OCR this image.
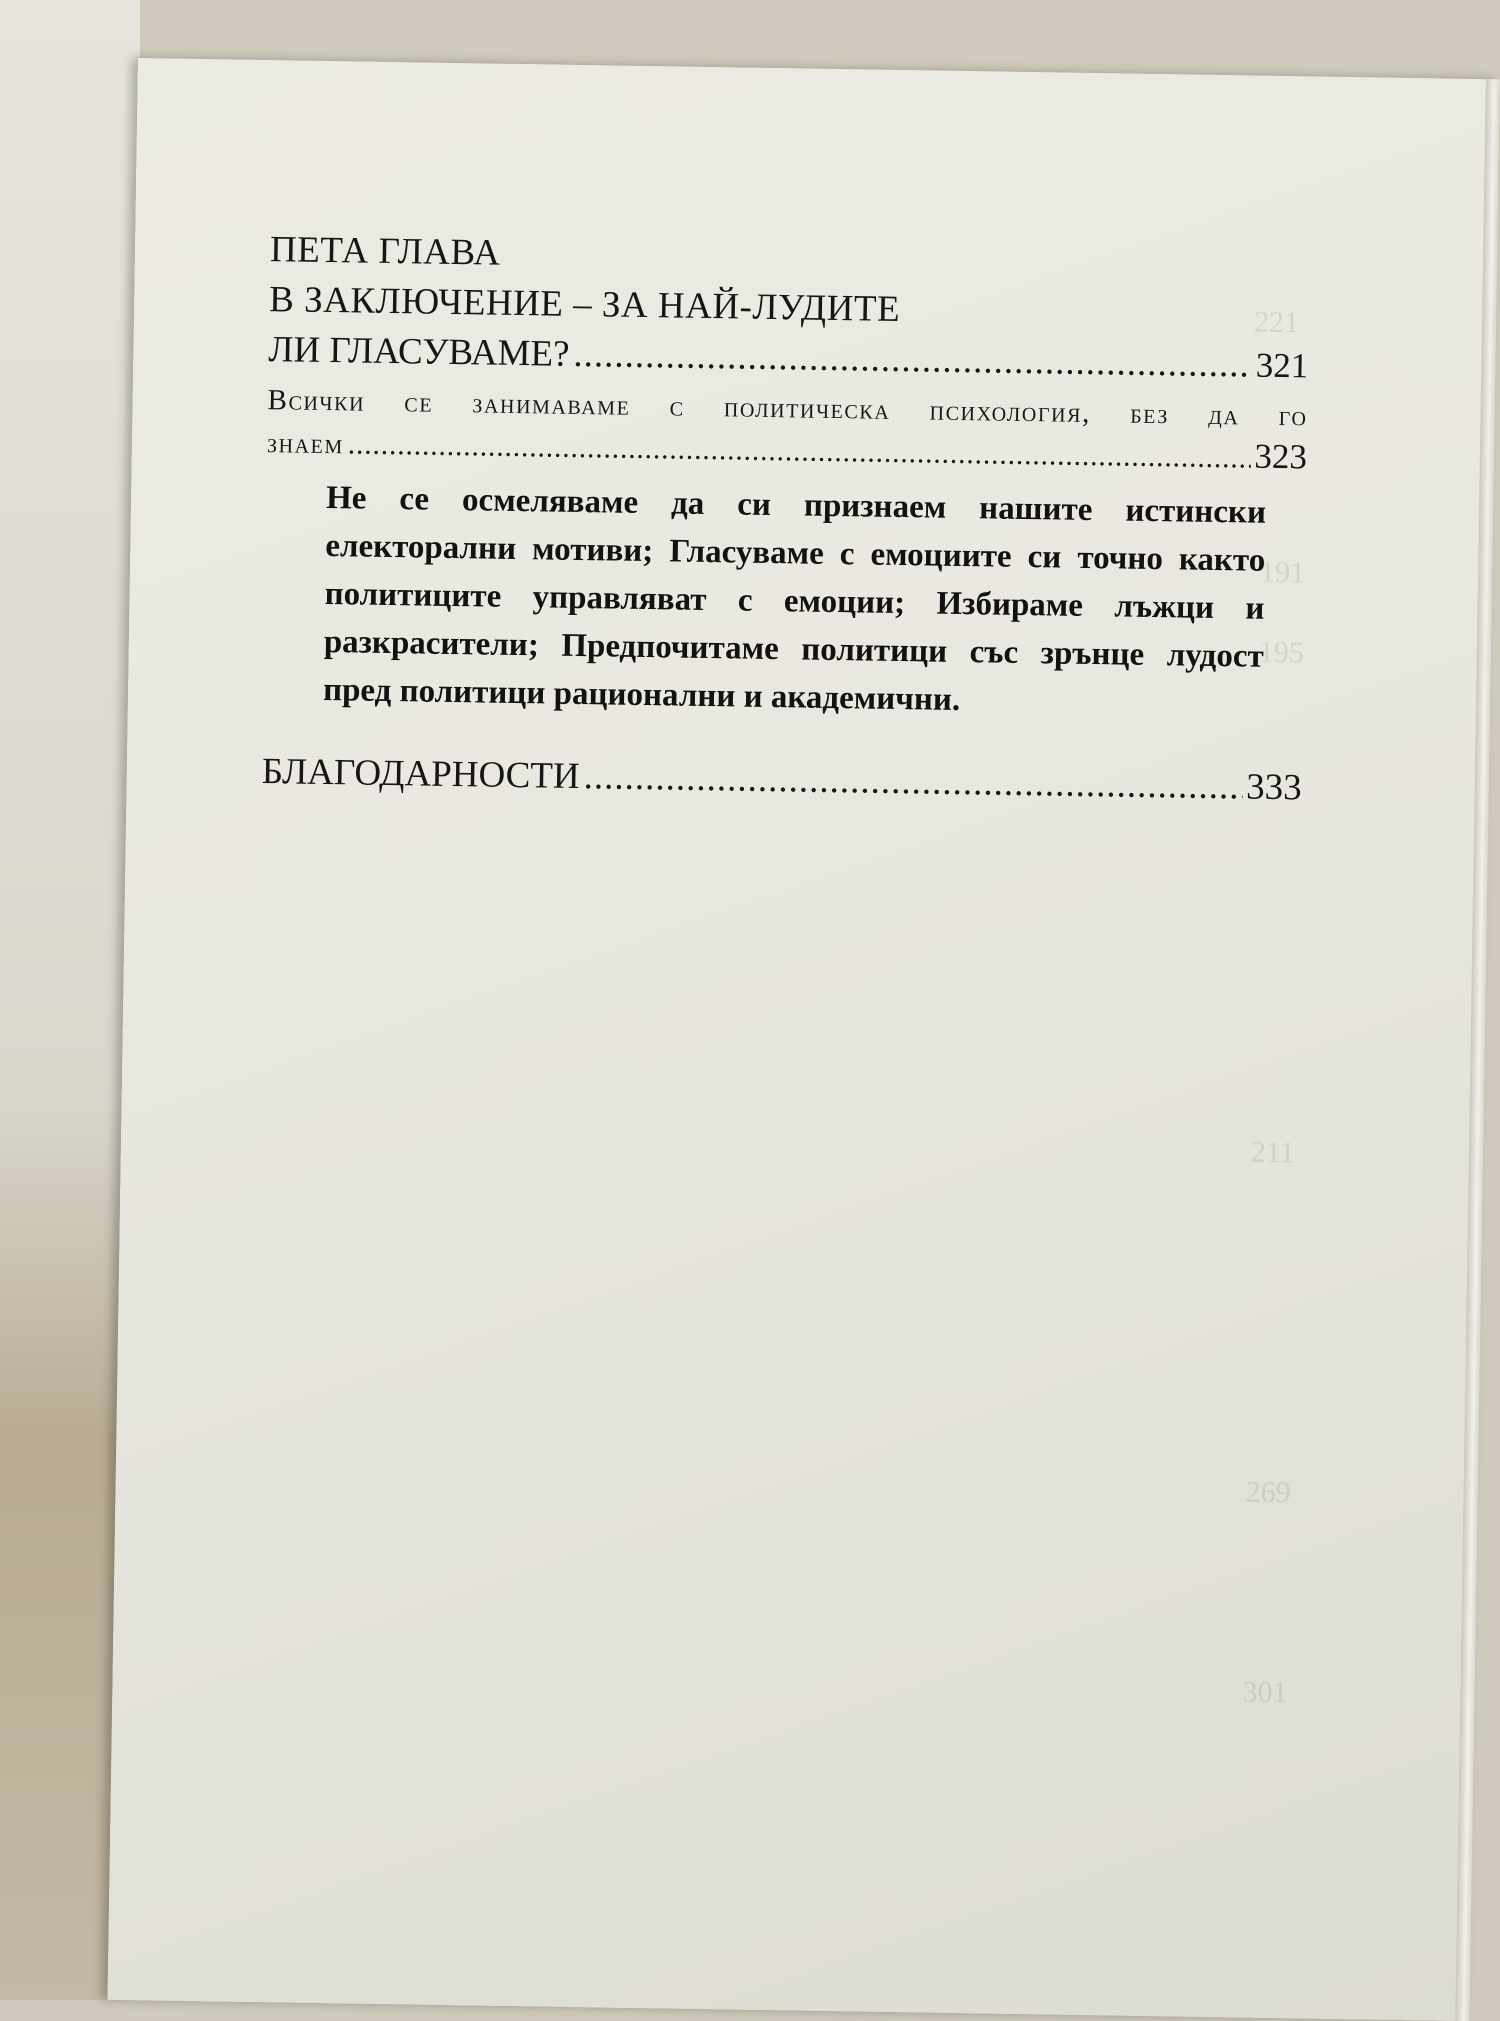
221
191
195
211
269
301

ПЕТА ГЛАВА

В ЗАКЛЮЧЕНИЕ – ЗА НАЙ-ЛУДИТЕ

ЛИ ГЛАСУВАМЕ? .....	321
Всички се занимаваме с политическа психология, без да го
знаем .....	323
Не се осмеляваме да си признаем нашите истински електорални мотиви; Гласуваме с емоциите си точно както политиците управляват с емоции; Избираме лъжци и разкрасители; Предпочитаме политици със зрънце лудост пред политици рационални и академични.
БЛАГОДАРНОСТИ .....	333
